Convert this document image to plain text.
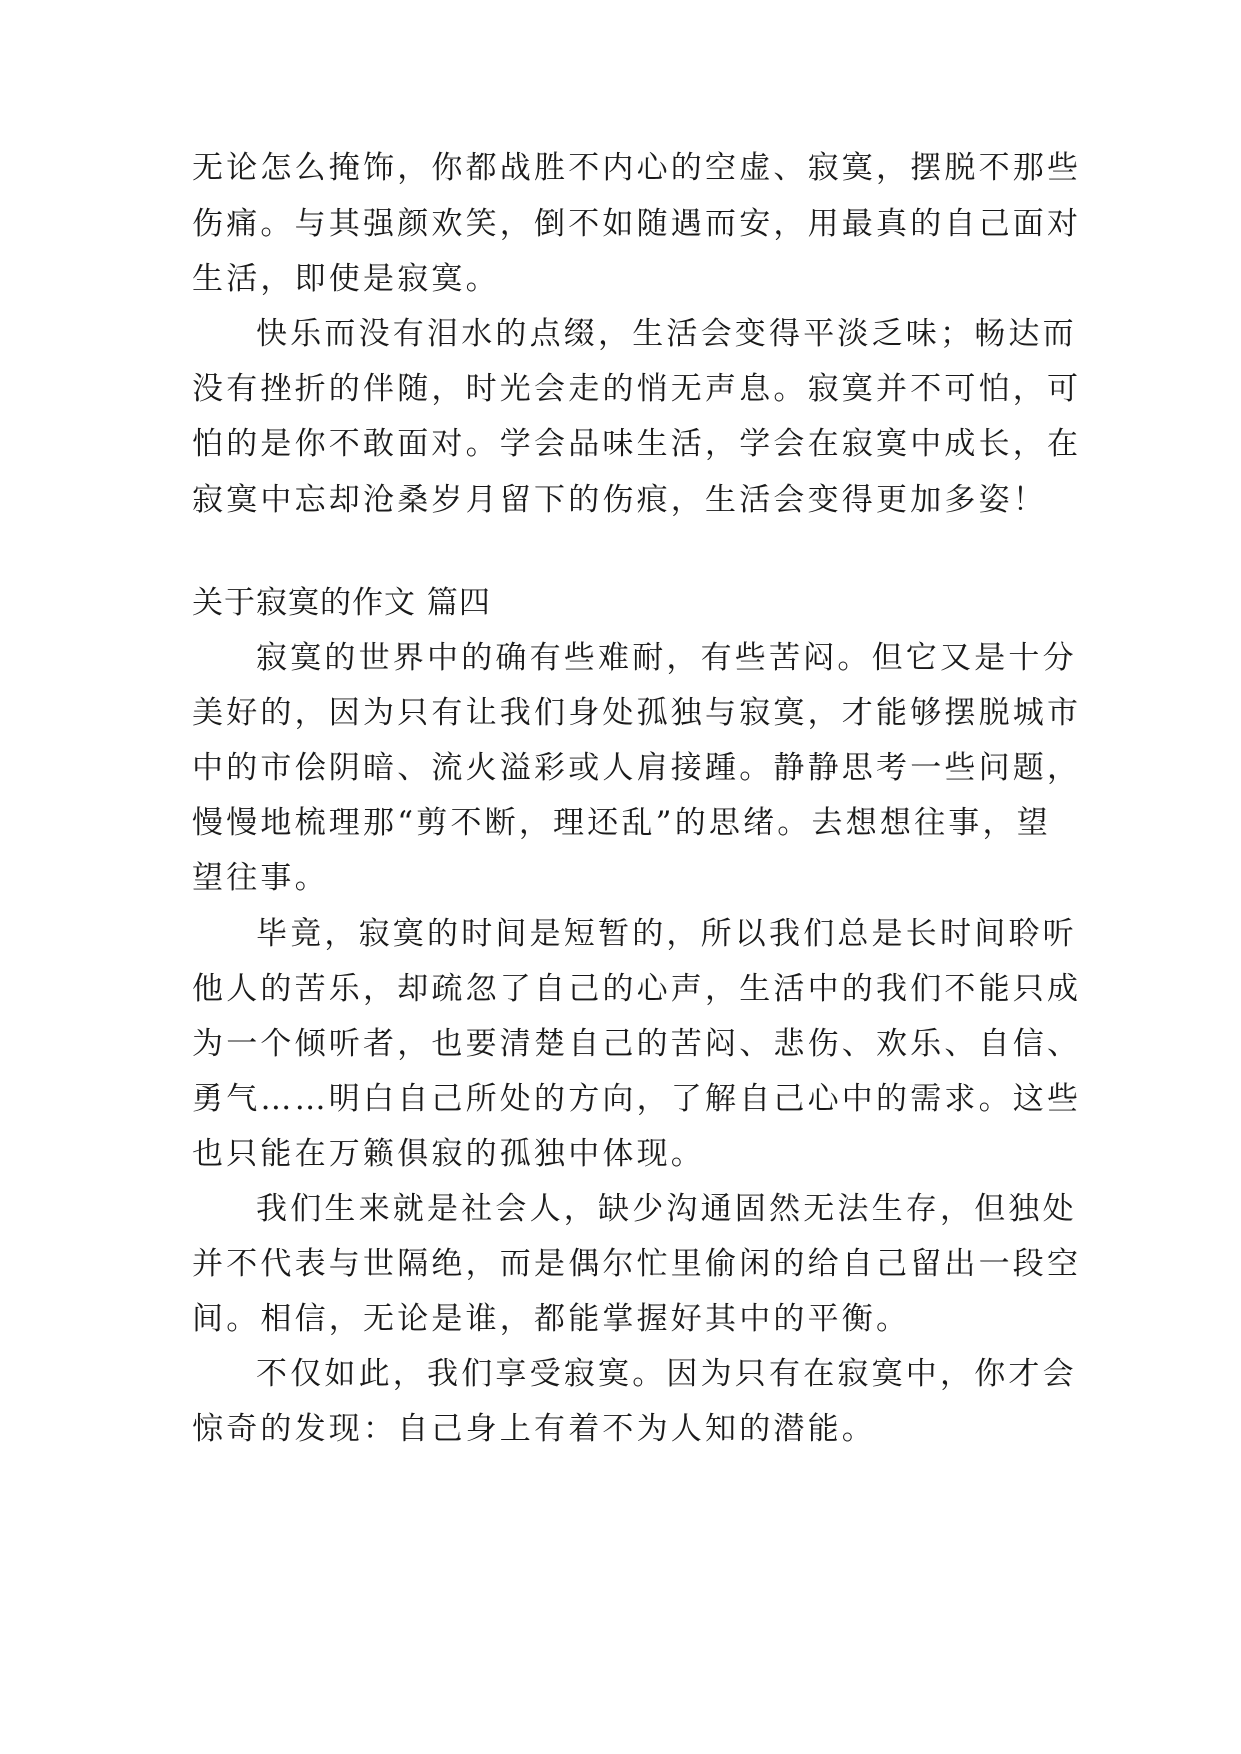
无论怎么掩饰，你都战胜不内心的空虚、寂寞，摆脱不那些
伤痛。与其强颜欢笑，倒不如随遇而安，用最真的自己面对
生活，即使是寂寞。
快乐而没有泪水的点缀，生活会变得平淡乏味；畅达而
没有挫折的伴随，时光会走的悄无声息。寂寞并不可怕，可
怕的是你不敢面对。学会品味生活，学会在寂寞中成长，在
寂寞中忘却沧桑岁月留下的伤痕，生活会变得更加多姿！
关于寂寞的作文 篇四
寂寞的世界中的确有些难耐，有些苦闷。但它又是十分
美好的，因为只有让我们身处孤独与寂寞，才能够摆脱城市
中的市侩阴暗、流火溢彩或人肩接踵。静静思考一些问题，
慢慢地梳理那“剪不断，理还乱”的思绪。去想想往事，望
望往事。
毕竟，寂寞的时间是短暂的，所以我们总是长时间聆听
他人的苦乐，却疏忽了自己的心声，生活中的我们不能只成
为一个倾听者，也要清楚自己的苦闷、悲伤、欢乐、自信、
勇气……明白自己所处的方向，了解自己心中的需求。这些
也只能在万籁俱寂的孤独中体现。
我们生来就是社会人，缺少沟通固然无法生存，但独处
并不代表与世隔绝，而是偶尔忙里偷闲的给自己留出一段空
间。相信，无论是谁，都能掌握好其中的平衡。
不仅如此，我们享受寂寞。因为只有在寂寞中，你才会
惊奇的发现：自己身上有着不为人知的潜能。
